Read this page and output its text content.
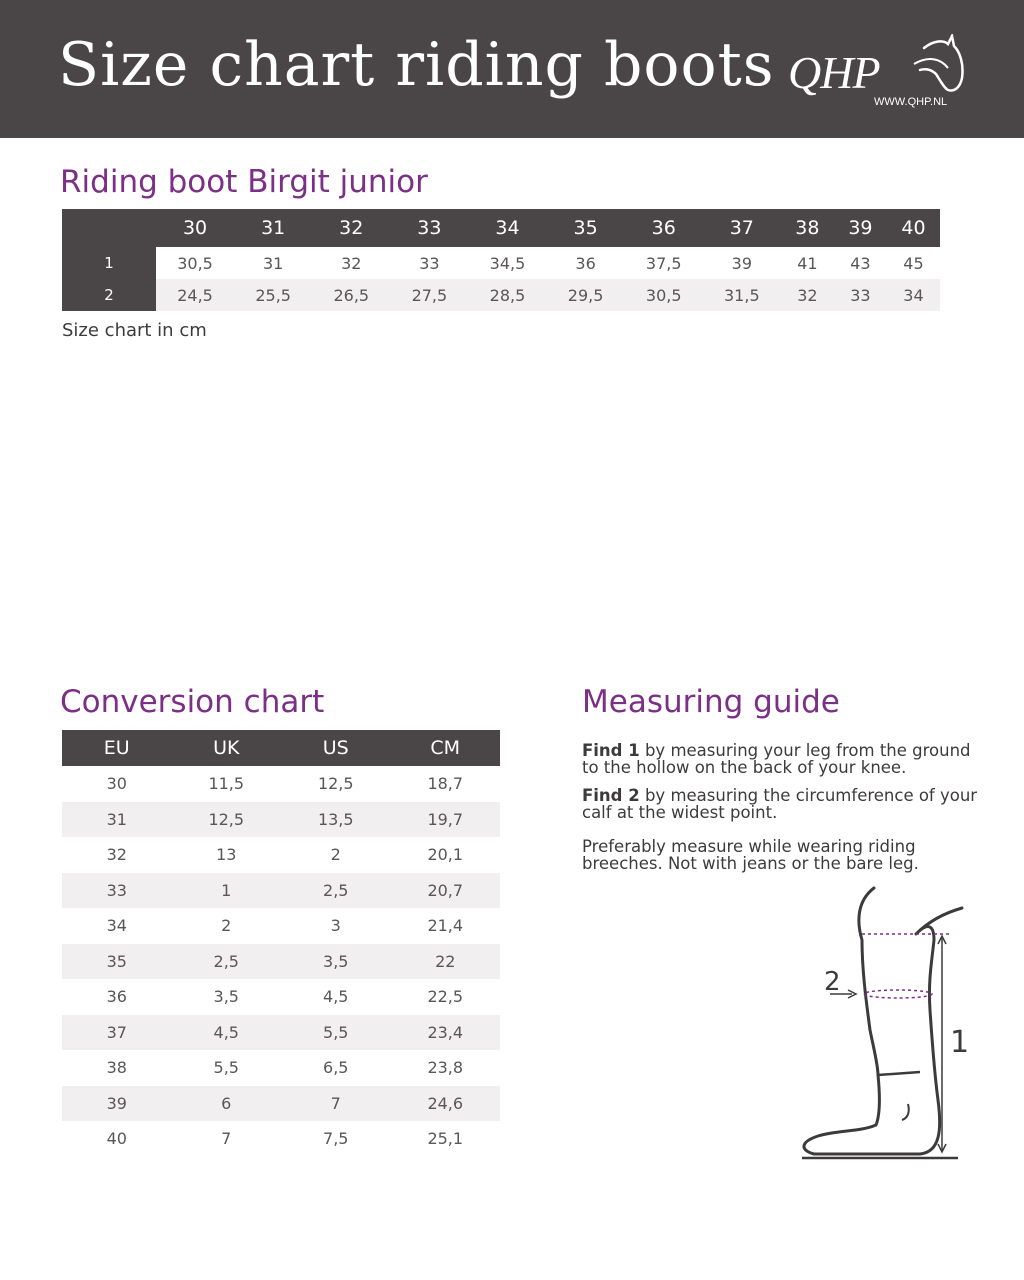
Size chart riding boots QHP
WWW.QHP.NL
Riding boot Birgit junior
	30	31	32	33	34	35	36	37	38	39	40
1	30,5	31	32	33	34,5	36	37,5	39	41	43	45
2	24,5	25,5	26,5	27,5	28,5	29,5	30,5	31,5	32	33	34
Size chart in cm
Conversion chart
EU	UK	US	CM
30	11,5	12,5	18,7
31	12,5	13,5	19,7
32	13	2	20,1
33	1	2,5	20,7
34	2	3	21,4
35	2,5	3,5	22
36	3,5	4,5	22,5
37	4,5	5,5	23,4
38	5,5	6,5	23,8
39	6	7	24,6
40	7	7,5	25,1
Measuring guide

Find 1 by measuring your leg from the ground to the hollow on the back of your knee.

Find 2 by measuring the circumference of your calf at the widest point.

Preferably measure while wearing riding breeches. Not with jeans or the bare leg.

1
2
